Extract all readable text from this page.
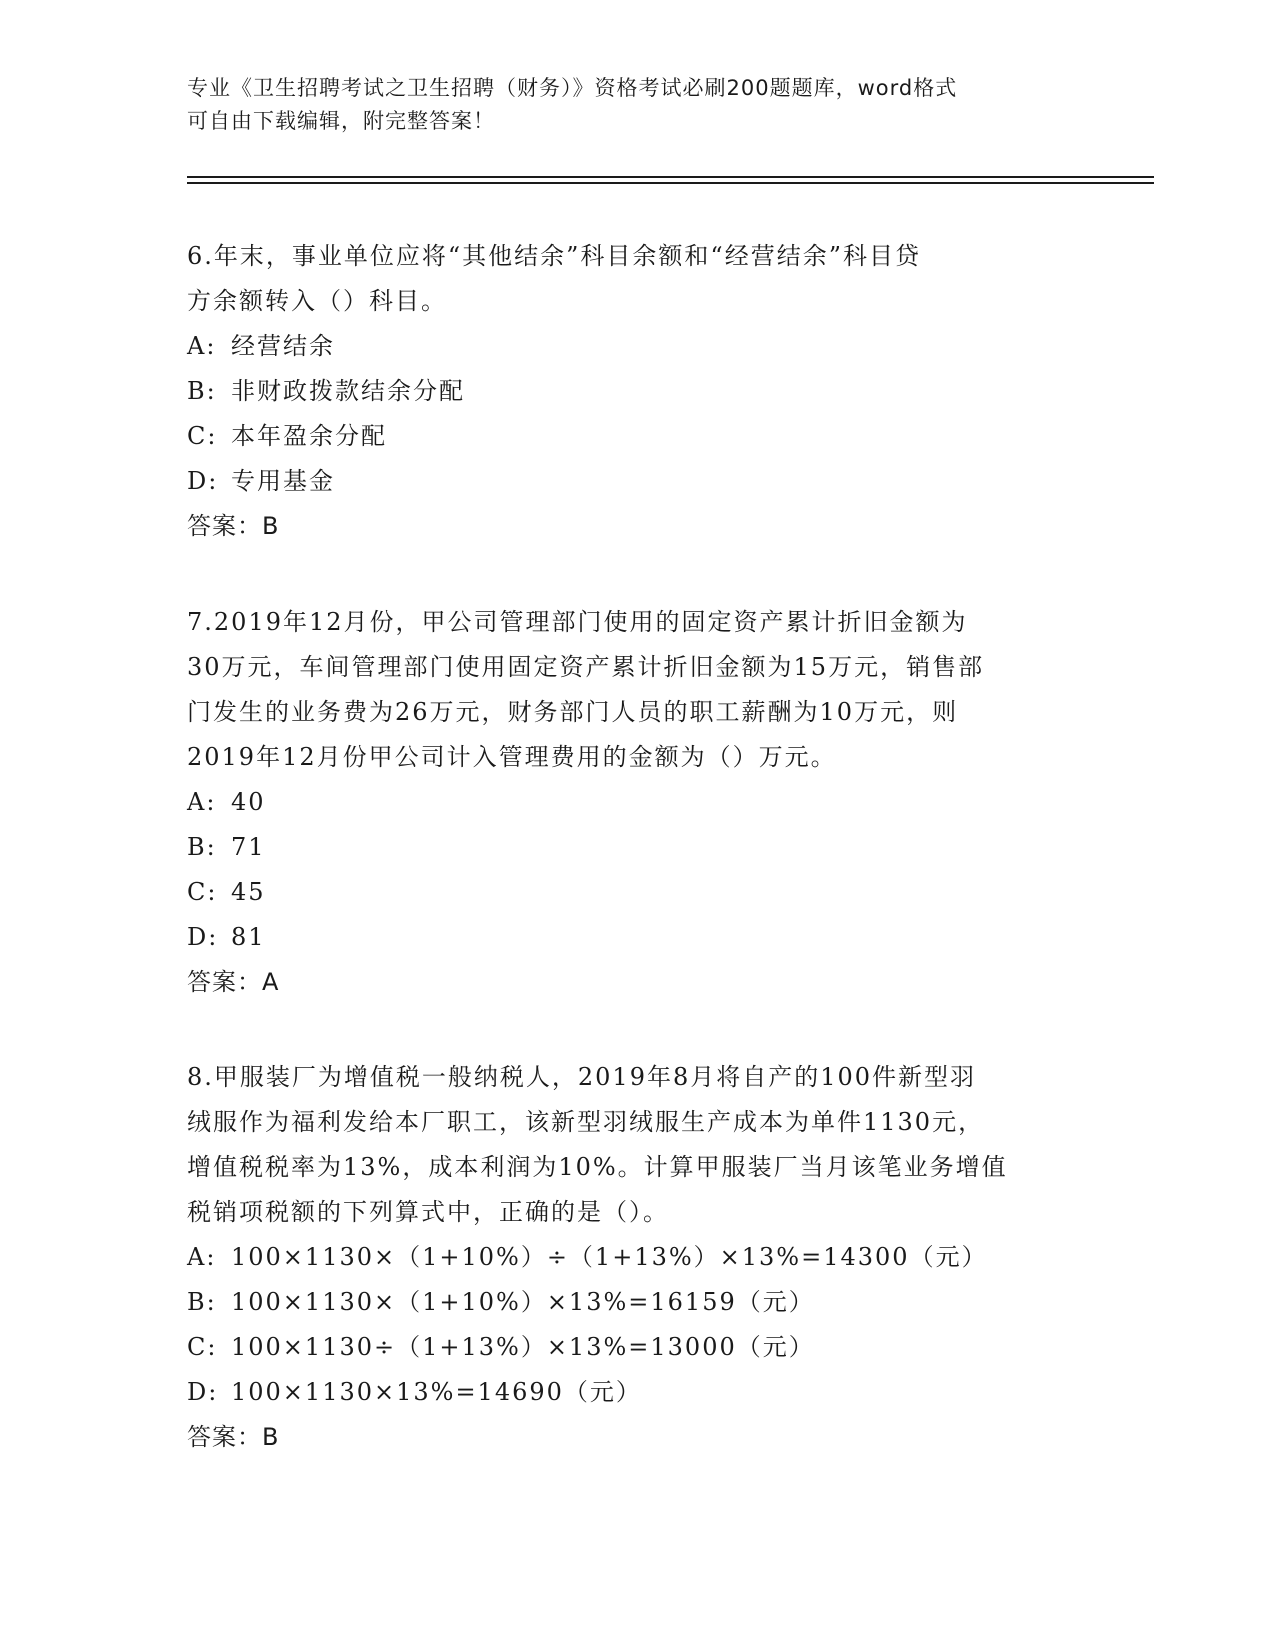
专业《卫生招聘考试之卫生招聘（财务）》资格考试必刷200题题库，word格式
可自由下载编辑，附完整答案！

6.年末，事业单位应将“其他结余”科目余额和“经营结余”科目贷

方余额转入（）科目。

A: 经营结余

B: 非财政拨款结余分配

C: 本年盈余分配

D: 专用基金

答案：B

7.2019年12月份，甲公司管理部门使用的固定资产累计折旧金额为

30万元，车间管理部门使用固定资产累计折旧金额为15万元，销售部

门发生的业务费为26万元，财务部门人员的职工薪酬为10万元，则

2019年12月份甲公司计入管理费用的金额为（）万元。

A: 40

B: 71

C: 45

D: 81

答案：A

8.甲服装厂为增值税一般纳税人，2019年8月将自产的100件新型羽

绒服作为福利发给本厂职工，该新型羽绒服生产成本为单件1130元，

增值税税率为13%，成本利润为10%。计算甲服装厂当月该笔业务增值

税销项税额的下列算式中，正确的是（）。

A: 100×1130×（1+10%）÷（1+13%）×13%=14300（元）

B: 100×1130×（1+10%）×13%=16159（元）

C: 100×1130÷（1+13%）×13%=13000（元）

D: 100×1130×13%=14690（元）

答案：B
